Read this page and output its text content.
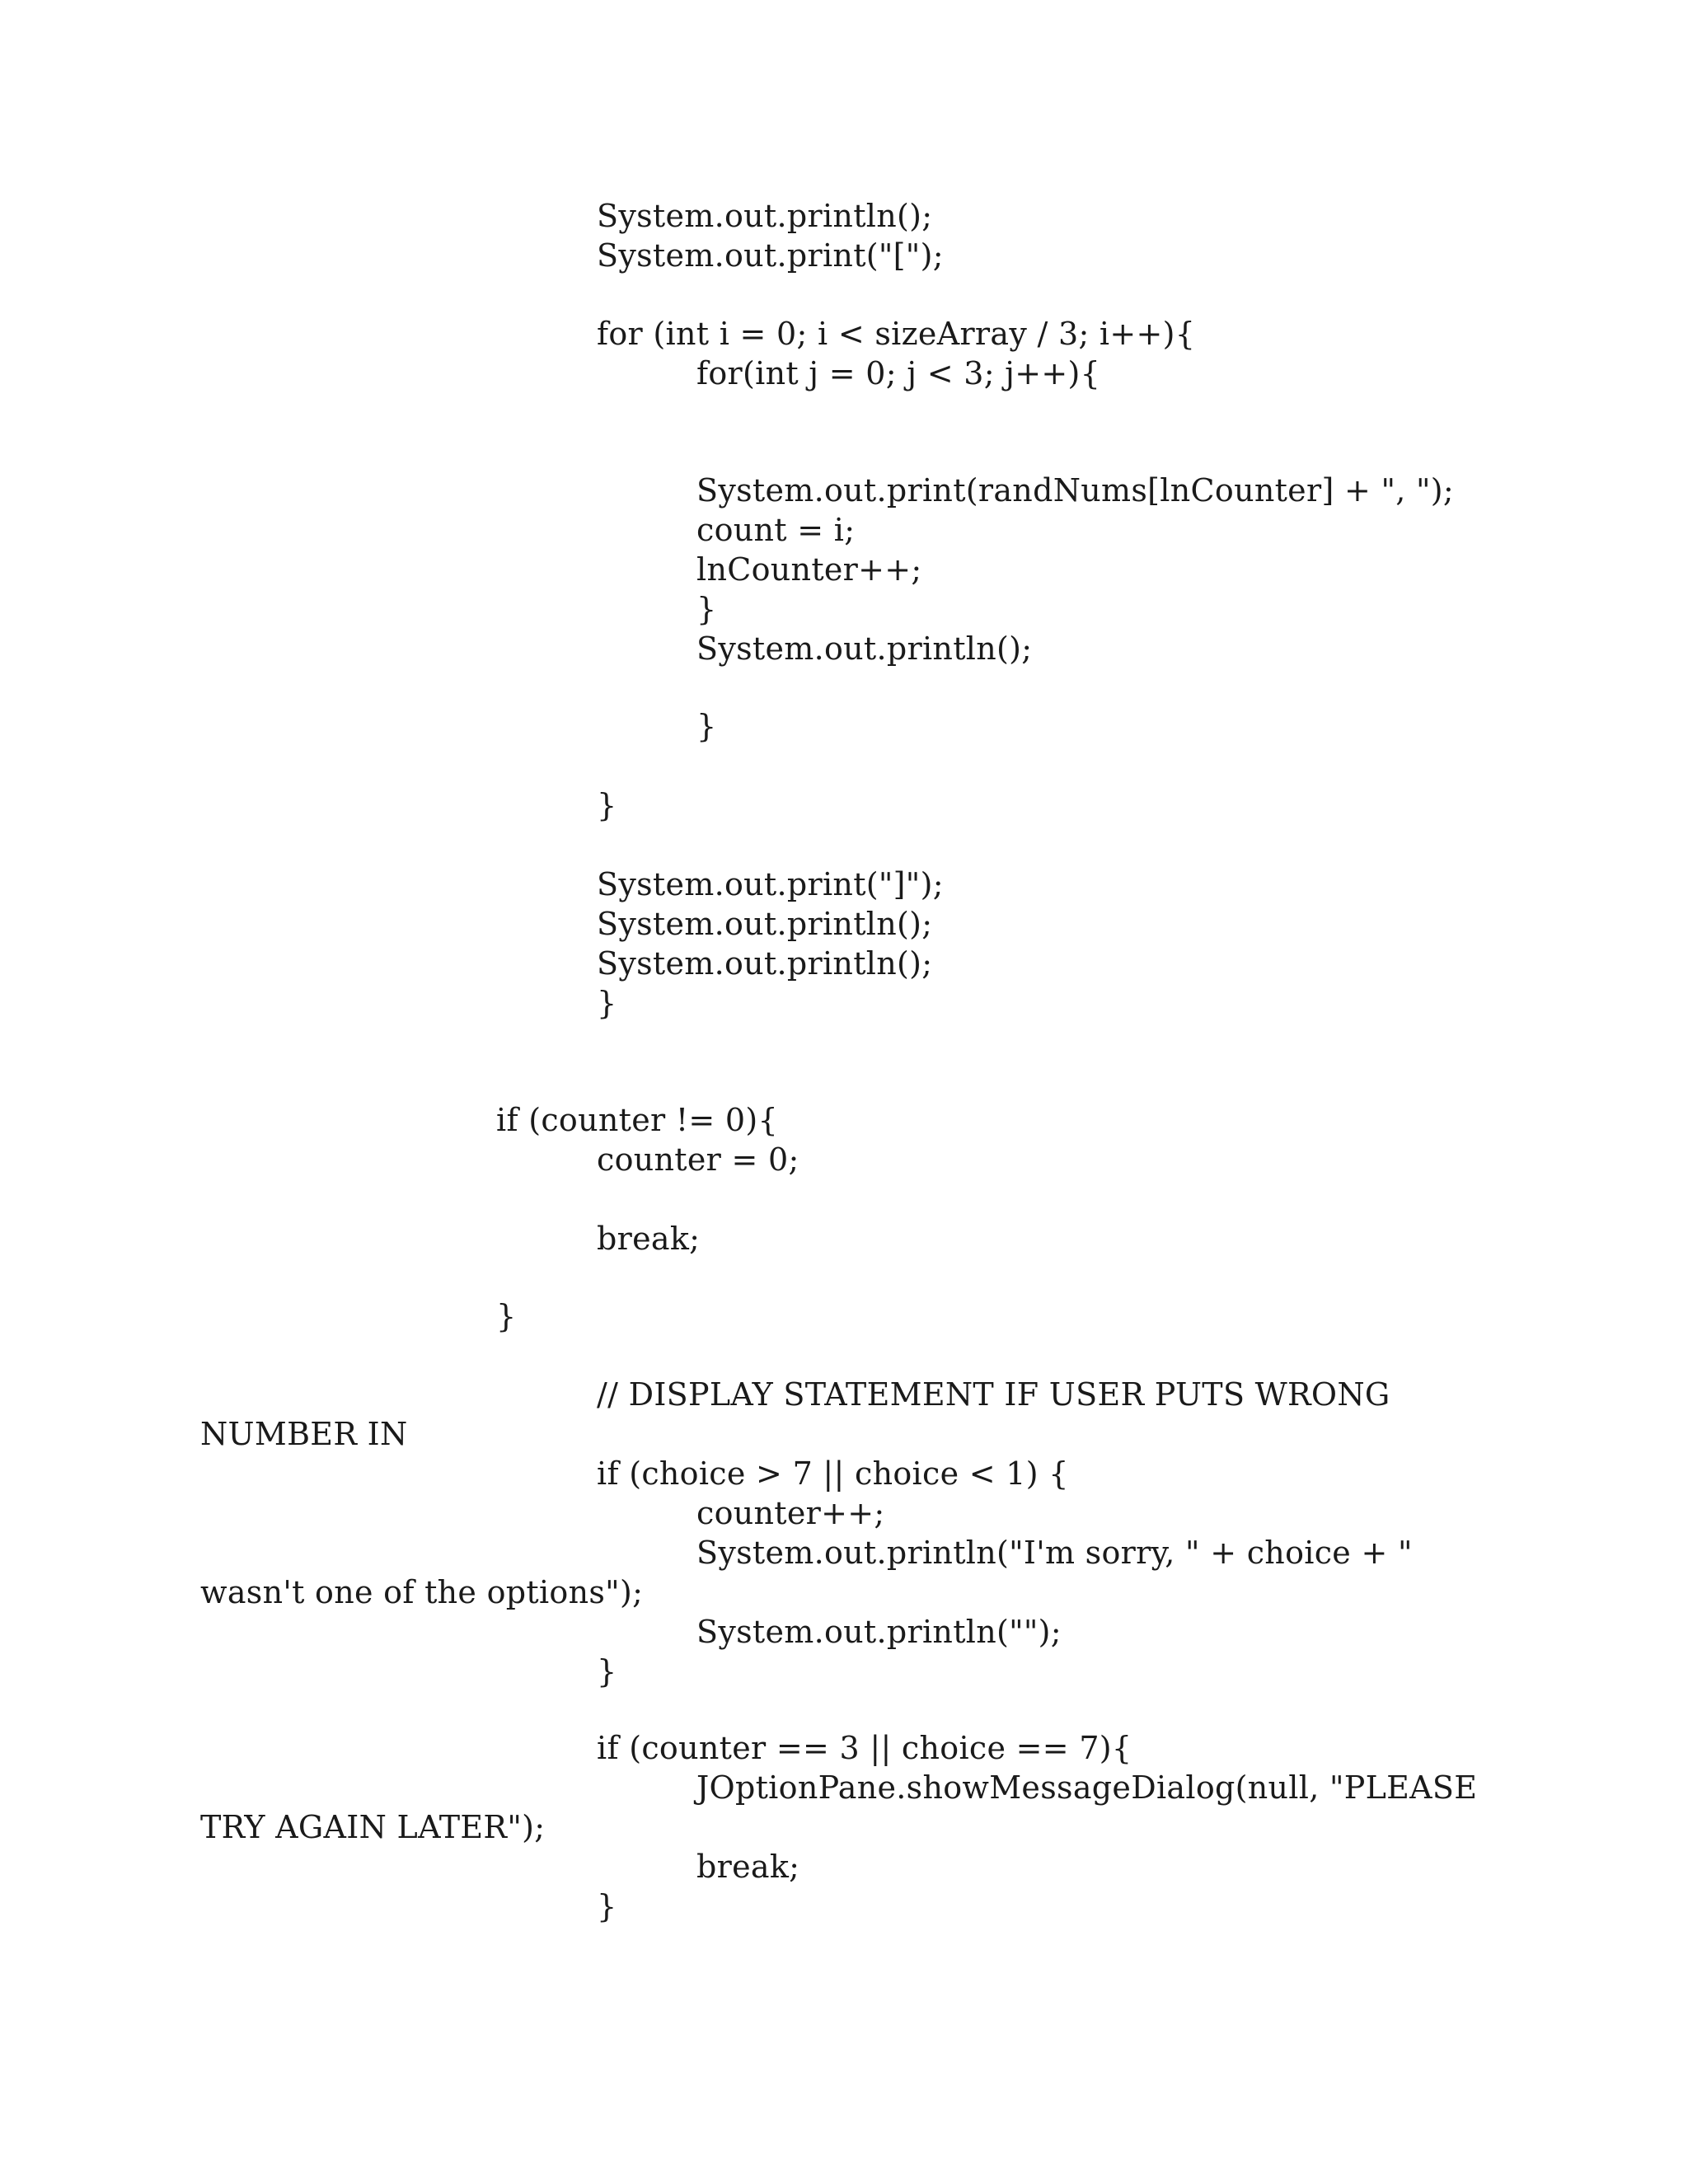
System.out.println();

System.out.print("[");

for (int i = 0; i < sizeArray / 3; i++){

for(int j = 0; j < 3; j++){

System.out.print(randNums[lnCounter] + ", ");

count = i;

lnCounter++;

}

System.out.println();

}

}

System.out.print("]");

System.out.println();

System.out.println();

}

if (counter != 0){

counter = 0;

break;

}

// DISPLAY STATEMENT IF USER PUTS WRONG

NUMBER IN

if (choice > 7 || choice < 1) {

counter++;

System.out.println("I'm sorry, " + choice + "

wasn't one of the options");

System.out.println("");

}

if (counter == 3 || choice == 7){

JOptionPane.showMessageDialog(null, "PLEASE

TRY AGAIN LATER");

break;

}
